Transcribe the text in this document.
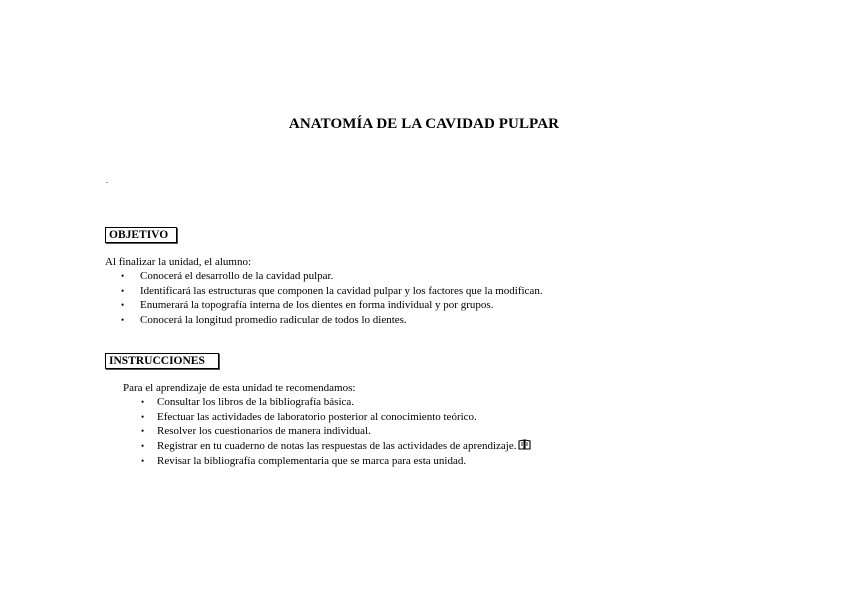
ANATOMÍA DE LA CAVIDAD PULPAR
.
OBJETIVO
Al finalizar la unidad, el alumno:
• Conocerá el desarrollo de la cavidad pulpar.
• Identificará las estructuras que componen la cavidad pulpar y los factores que la modifican.
• Enumerará la topografía interna de los dientes en forma individual y por grupos.
• Conocerá la longitud promedio radicular de todos lo dientes.
INSTRUCCIONES
Para el aprendizaje de esta unidad te recomendamos:
• Consultar los libros de la bibliografía básica.
• Efectuar las actividades de laboratorio posterior al conocimiento teórico.
• Resolver los cuestionarios de manera individual.
• Registrar en tu cuaderno de notas las respuestas de las actividades de aprendizaje.
• Revisar la bibliografía complementaria que se marca para esta unidad.
